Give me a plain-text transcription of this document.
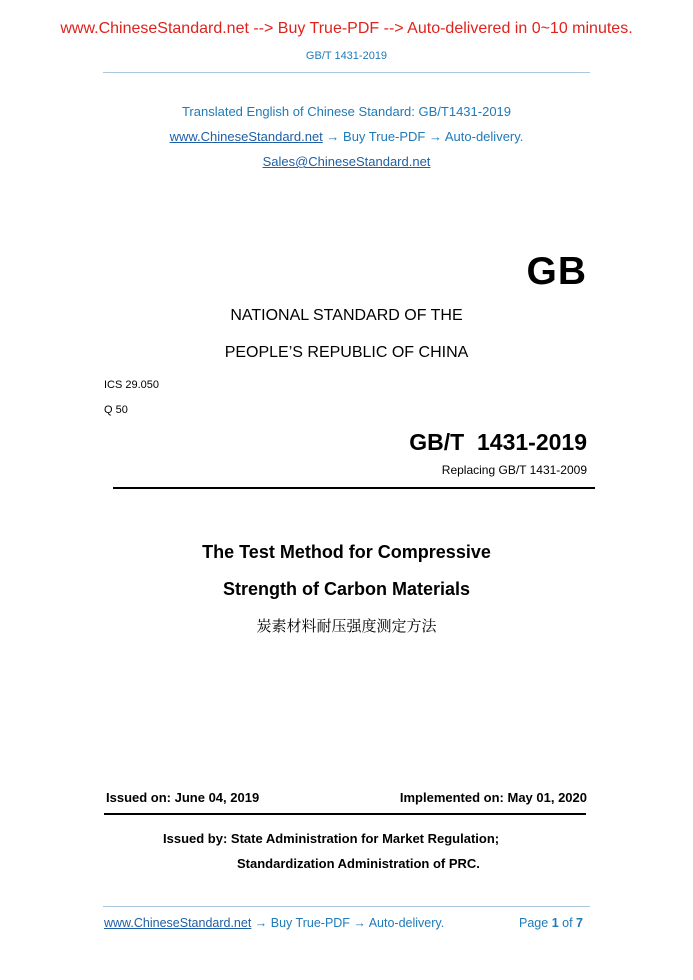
www.ChineseStandard.net --> Buy True-PDF --> Auto-delivered in 0~10 minutes.
GB/T 1431-2019
Translated English of Chinese Standard: GB/T1431-2019
www.ChineseStandard.net → Buy True-PDF → Auto-delivery.
Sales@ChineseStandard.net
GB
NATIONAL STANDARD OF THE
PEOPLE’S REPUBLIC OF CHINA
ICS 29.050
Q 50
GB/T  1431-2019
Replacing GB/T 1431-2009
The Test Method for Compressive
Strength of Carbon Materials
炭素材料耐压强度测定方法
Issued on: June 04, 2019	Implemented on: May 01, 2020
Issued by: State Administration for Market Regulation;
Standardization Administration of PRC.
www.ChineseStandard.net → Buy True-PDF → Auto-delivery.	Page 1 of 7
